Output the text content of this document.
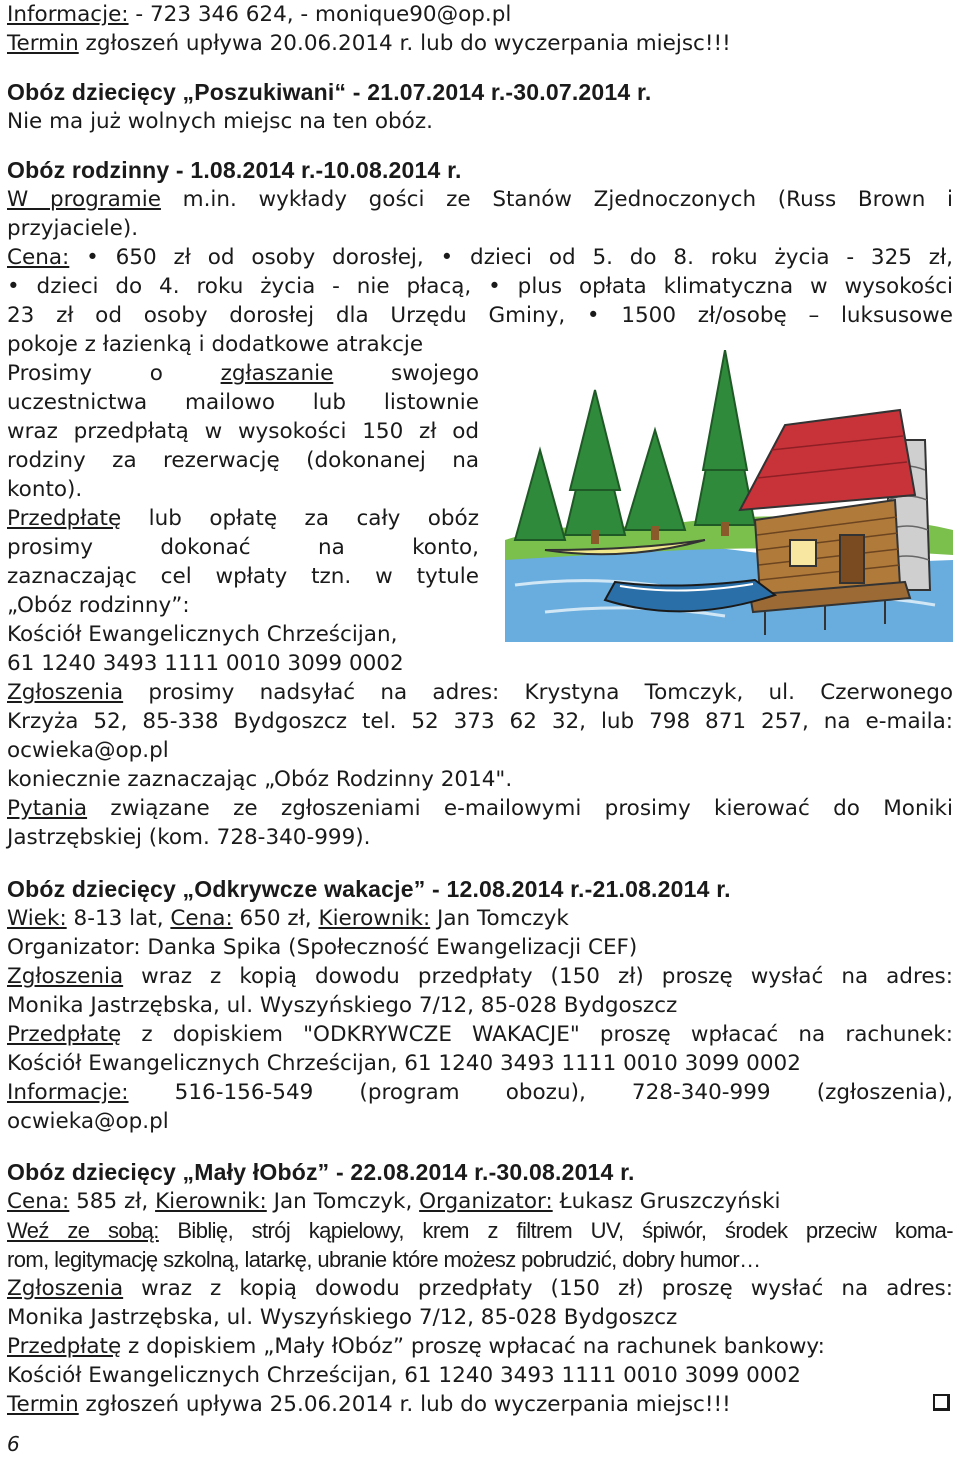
Informacje: - 723 346 624, - monique90@op.pl
Termin zgłoszeń upływa 20.06.2014 r. lub do wyczerpania miejsc!!!
Obóz dziecięcy „Poszukiwani“ - 21.07.2014 r.-30.07.2014 r.
Nie ma już wolnych miejsc na ten obóz.
Obóz rodzinny - 1.08.2014 r.-10.08.2014 r.
W programie m.in. wykłady gości ze Stanów Zjednoczonych (Russ Brown i
przyjaciele).
Cena: • 650 zł od osoby dorosłej, • dzieci od 5. do 8. roku życia - 325 zł,
• dzieci do 4. roku życia - nie płacą, • plus opłata klimatyczna w wysokości
23 zł od osoby dorosłej dla Urzędu Gminy, • 1500 zł/osobę – luksusowe
pokoje z łazienką i dodatkowe atrakcje
Prosimy o zgłaszanie swojego
uczestnictwa mailowo lub listownie
wraz przedpłatą w wysokości 150 zł od
rodziny za rezerwację (dokonanej na
konto).
Przedpłatę lub opłatę za cały obóz
prosimy dokonać na konto,
zaznaczając cel wpłaty tzn. w tytule
„Obóz rodzinny”:
Kościół Ewangelicznych Chrześcijan,
61 1240 3493 1111 0010 3099 0002
Zgłoszenia prosimy nadsyłać na adres: Krystyna Tomczyk, ul. Czerwonego
Krzyża 52, 85-338 Bydgoszcz tel. 52 373 62 32, lub 798 871 257, na e-maila:
ocwieka@op.pl
koniecznie zaznaczając „Obóz Rodzinny 2014".
Pytania związane ze zgłoszeniami e-mailowymi prosimy kierować do Moniki
Jastrzębskiej (kom. 728-340-999).
Obóz dziecięcy „Odkrywcze wakacje” - 12.08.2014 r.-21.08.2014 r.
Wiek: 8-13 lat, Cena: 650 zł, Kierownik: Jan Tomczyk
Organizator: Danka Spika (Społeczność Ewangelizacji CEF)
Zgłoszenia wraz z kopią dowodu przedpłaty (150 zł) proszę wysłać na adres:
Monika Jastrzębska, ul. Wyszyńskiego 7/12, 85-028 Bydgoszcz
Przedpłatę z dopiskiem "ODKRYWCZE WAKACJE" proszę wpłacać na rachunek:
Kościół Ewangelicznych Chrześcijan, 61 1240 3493 1111 0010 3099 0002
Informacje: 516-156-549 (program obozu), 728-340-999 (zgłoszenia),
ocwieka@op.pl
Obóz dziecięcy „Mały łObóz” - 22.08.2014 r.-30.08.2014 r.
Cena: 585 zł, Kierownik: Jan Tomczyk, Organizator: Łukasz Gruszczyński
Weź ze sobą: Biblię, strój kąpielowy, krem z filtrem UV, śpiwór, środek przeciw koma-
rom, legitymację szkolną, latarkę, ubranie które możesz pobrudzić, dobry humor…
Zgłoszenia wraz z kopią dowodu przedpłaty (150 zł) proszę wysłać na adres:
Monika Jastrzębska, ul. Wyszyńskiego 7/12, 85-028 Bydgoszcz
Przedpłatę z dopiskiem „Mały łObóz” proszę wpłacać na rachunek bankowy:
Kościół Ewangelicznych Chrześcijan, 61 1240 3493 1111 0010 3099 0002
Termin zgłoszeń upływa 25.06.2014 r. lub do wyczerpania miejsc!!!
6
